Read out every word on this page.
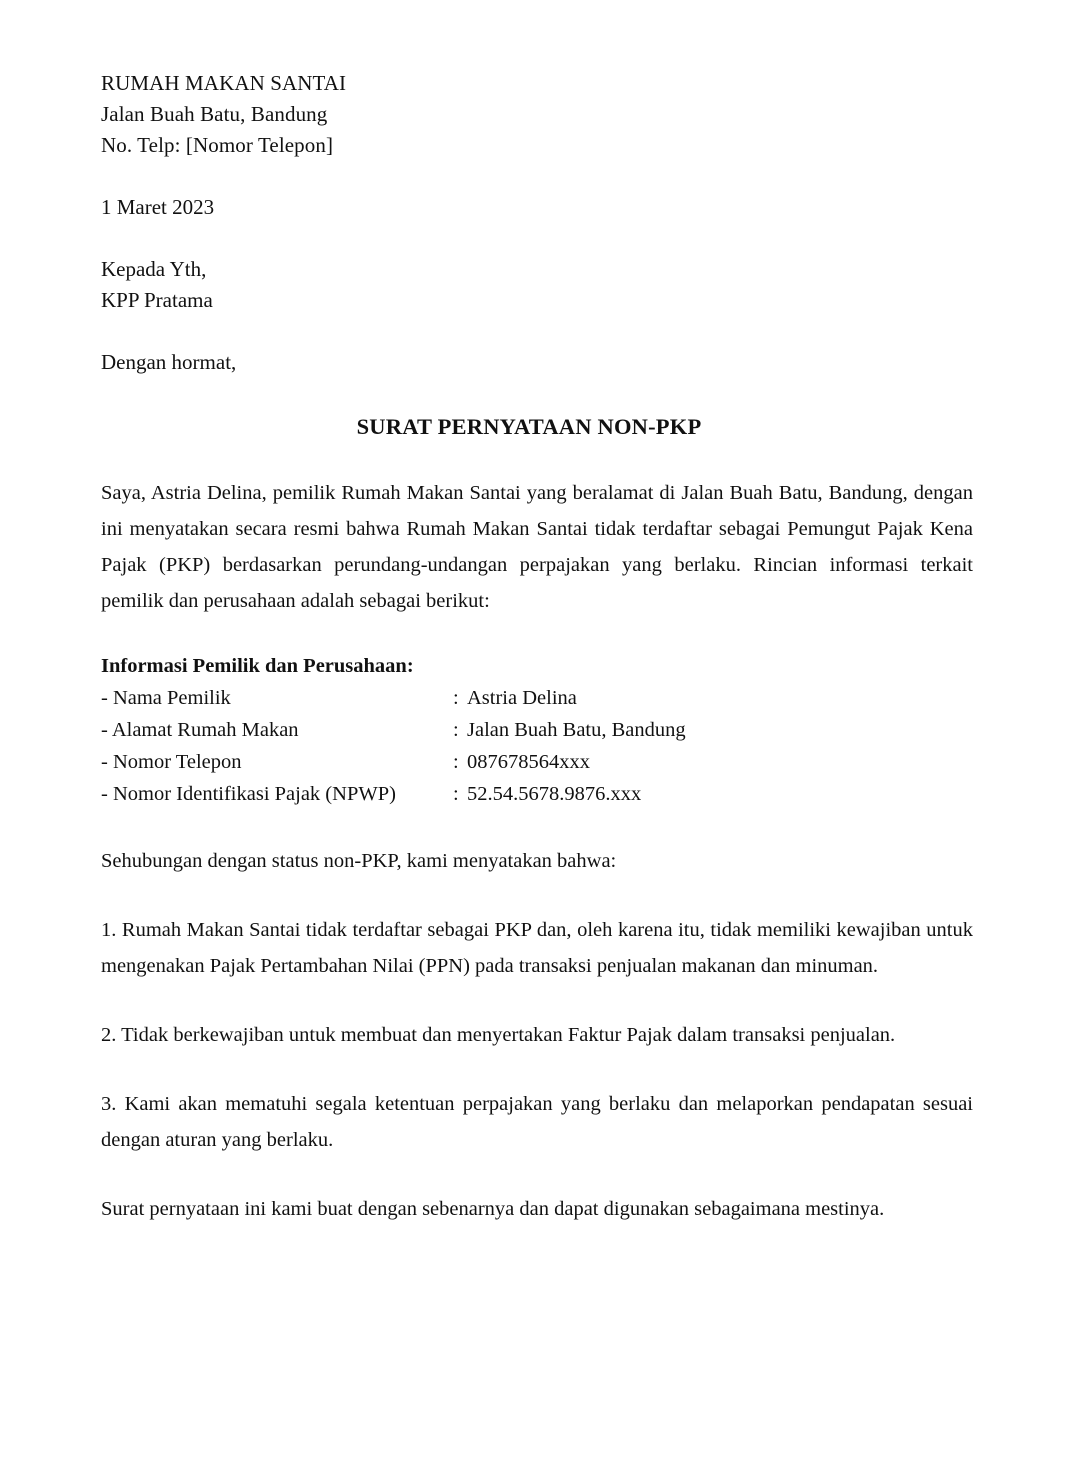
RUMAH MAKAN SANTAI
Jalan Buah Batu, Bandung
No. Telp: [Nomor Telepon]
1 Maret 2023
Kepada Yth,
KPP Pratama
Dengan hormat,
SURAT PERNYATAAN NON-PKP

Saya, Astria Delina, pemilik Rumah Makan Santai yang beralamat di Jalan Buah Batu, Bandung, dengan ini menyatakan secara resmi bahwa Rumah Makan Santai tidak terdaftar sebagai Pemungut Pajak Kena Pajak (PKP) berdasarkan perundang-undangan perpajakan yang berlaku. Rincian informasi terkait pemilik dan perusahaan adalah sebagai berikut:

Informasi Pemilik dan Perusahaan:
- Nama Pemilik	: Astria Delina
- Alamat Rumah Makan	: Jalan Buah Batu, Bandung
- Nomor Telepon	: 087678564xxx
- Nomor Identifikasi Pajak (NPWP)	: 52.54.5678.9876.xxx

Sehubungan dengan status non-PKP, kami menyatakan bahwa:

1. Rumah Makan Santai tidak terdaftar sebagai PKP dan, oleh karena itu, tidak memiliki kewajiban untuk mengenakan Pajak Pertambahan Nilai (PPN) pada transaksi penjualan makanan dan minuman.

2. Tidak berkewajiban untuk membuat dan menyertakan Faktur Pajak dalam transaksi penjualan.

3. Kami akan mematuhi segala ketentuan perpajakan yang berlaku dan melaporkan pendapatan sesuai dengan aturan yang berlaku.

Surat pernyataan ini kami buat dengan sebenarnya dan dapat digunakan sebagaimana mestinya.
